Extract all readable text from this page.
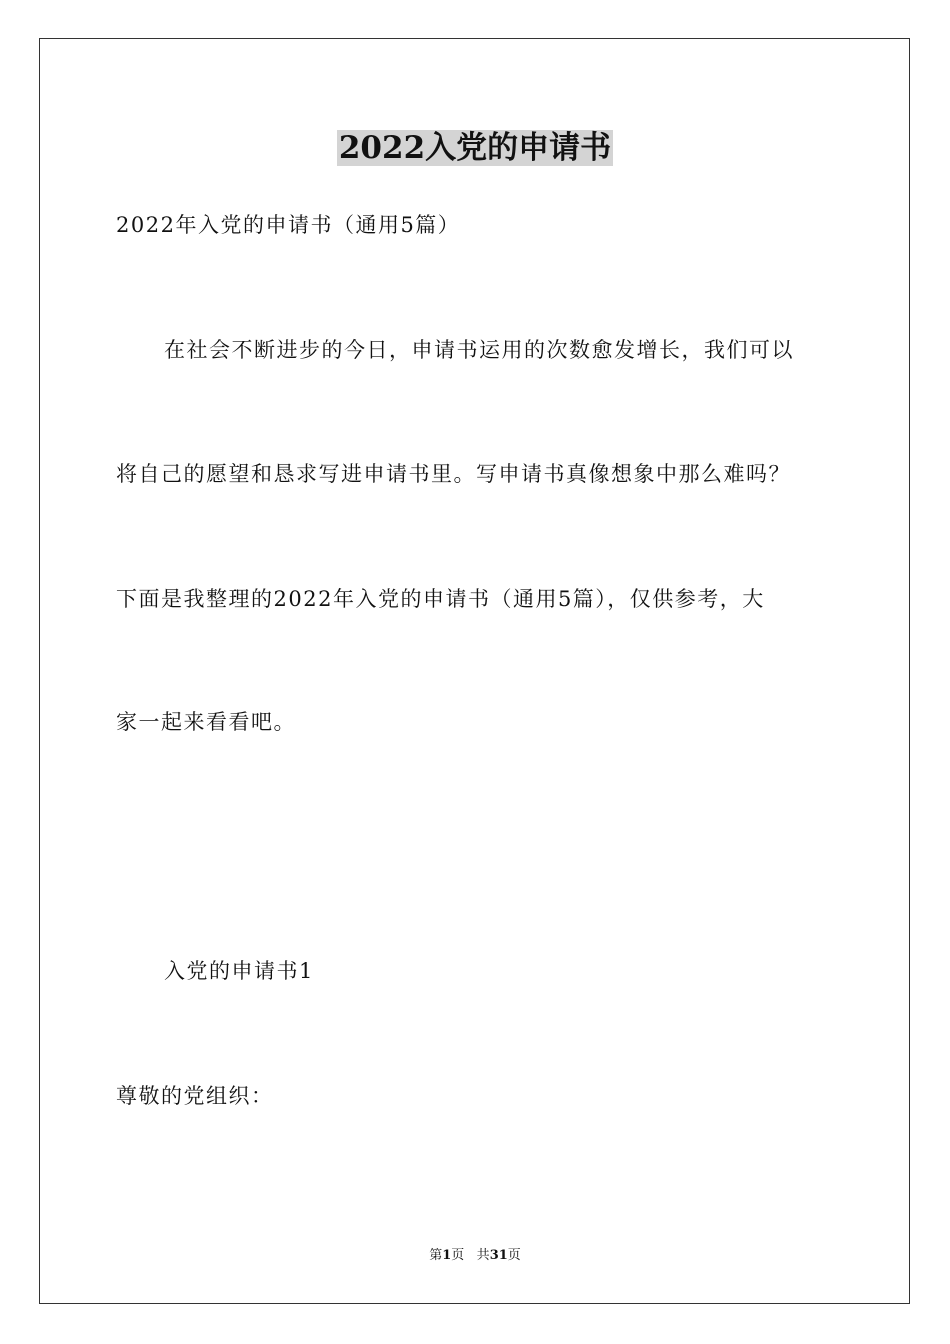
2022入党的申请书
2022年入党的申请书（通用5篇）
在社会不断进步的今日，申请书运用的次数愈发增长，我们可以
将自己的愿望和恳求写进申请书里。写申请书真像想象中那么难吗？
下面是我整理的2022年入党的申请书（通用5篇），仅供参考，大
家一起来看看吧。
入党的申请书1
尊敬的党组织：
第1页 共31页
